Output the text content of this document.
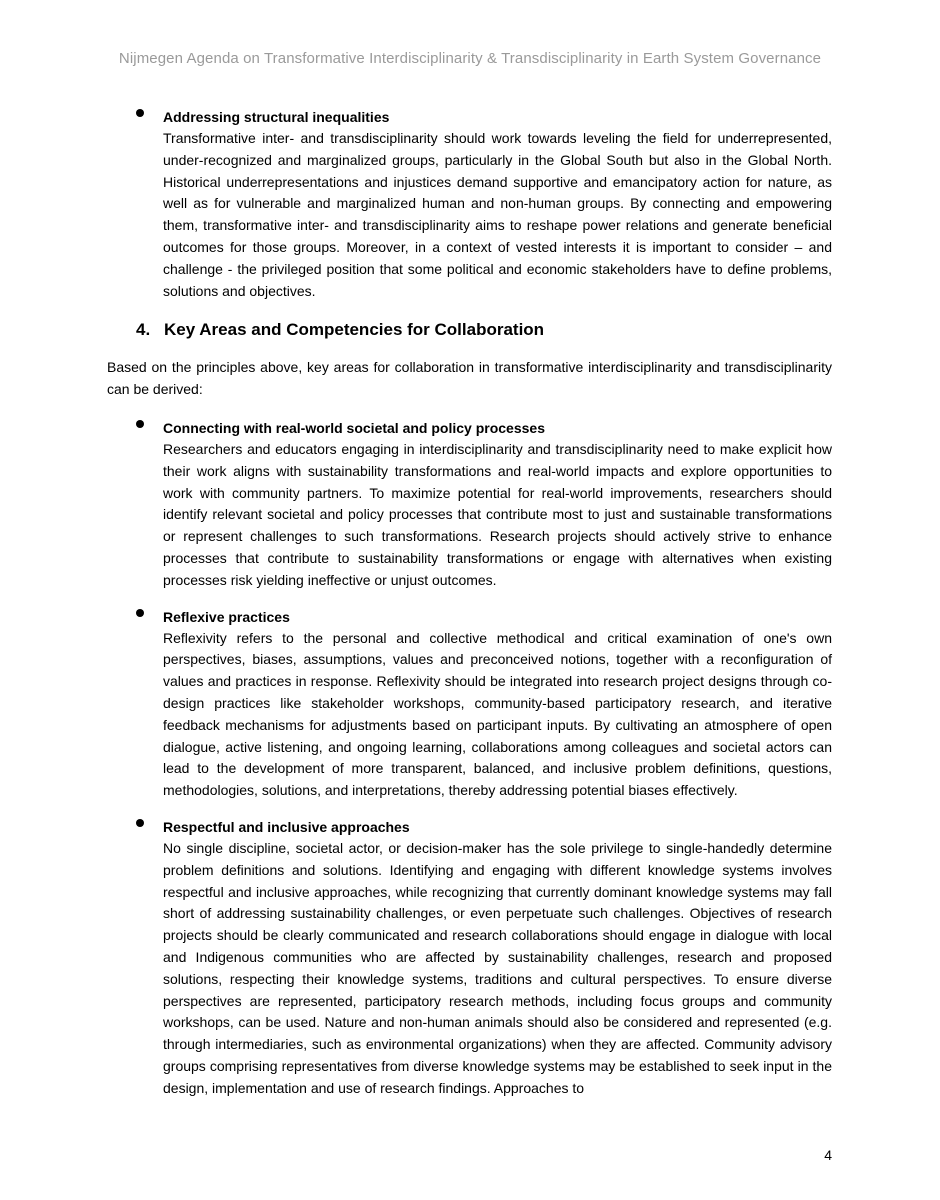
Nijmegen Agenda on Transformative Interdisciplinarity & Transdisciplinarity in Earth System Governance
Addressing structural inequalities

Transformative inter- and transdisciplinarity should work towards leveling the field for underrepresented, under-recognized and marginalized groups, particularly in the Global South but also in the Global North. Historical underrepresentations and injustices demand supportive and emancipatory action for nature, as well as for vulnerable and marginalized human and non-human groups. By connecting and empowering them, transformative inter- and transdisciplinarity aims to reshape power relations and generate beneficial outcomes for those groups. Moreover, in a context of vested interests it is important to consider – and challenge - the privileged position that some political and economic stakeholders have to define problems, solutions and objectives.

4. Key Areas and Competencies for Collaboration

Based on the principles above, key areas for collaboration in transformative interdisciplinarity and transdisciplinarity can be derived:

Connecting with real-world societal and policy processes

Researchers and educators engaging in interdisciplinarity and transdisciplinarity need to make explicit how their work aligns with sustainability transformations and real-world impacts and explore opportunities to work with community partners. To maximize potential for real-world improvements, researchers should identify relevant societal and policy processes that contribute most to just and sustainable transformations or represent challenges to such transformations. Research projects should actively strive to enhance processes that contribute to sustainability transformations or engage with alternatives when existing processes risk yielding ineffective or unjust outcomes.

Reflexive practices

Reflexivity refers to the personal and collective methodical and critical examination of one's own perspectives, biases, assumptions, values and preconceived notions, together with a reconfiguration of values and practices in response. Reflexivity should be integrated into research project designs through co-design practices like stakeholder workshops, community-based participatory research, and iterative feedback mechanisms for adjustments based on participant inputs. By cultivating an atmosphere of open dialogue, active listening, and ongoing learning, collaborations among colleagues and societal actors can lead to the development of more transparent, balanced, and inclusive problem definitions, questions, methodologies, solutions, and interpretations, thereby addressing potential biases effectively.

Respectful and inclusive approaches

No single discipline, societal actor, or decision-maker has the sole privilege to single-handedly determine problem definitions and solutions. Identifying and engaging with different knowledge systems involves respectful and inclusive approaches, while recognizing that currently dominant knowledge systems may fall short of addressing sustainability challenges, or even perpetuate such challenges. Objectives of research projects should be clearly communicated and research collaborations should engage in dialogue with local and Indigenous communities who are affected by sustainability challenges, research and proposed solutions, respecting their knowledge systems, traditions and cultural perspectives. To ensure diverse perspectives are represented, participatory research methods, including focus groups and community workshops, can be used. Nature and non-human animals should also be considered and represented (e.g. through intermediaries, such as environmental organizations) when they are affected. Community advisory groups comprising representatives from diverse knowledge systems may be established to seek input in the design, implementation and use of research findings. Approaches to

4
